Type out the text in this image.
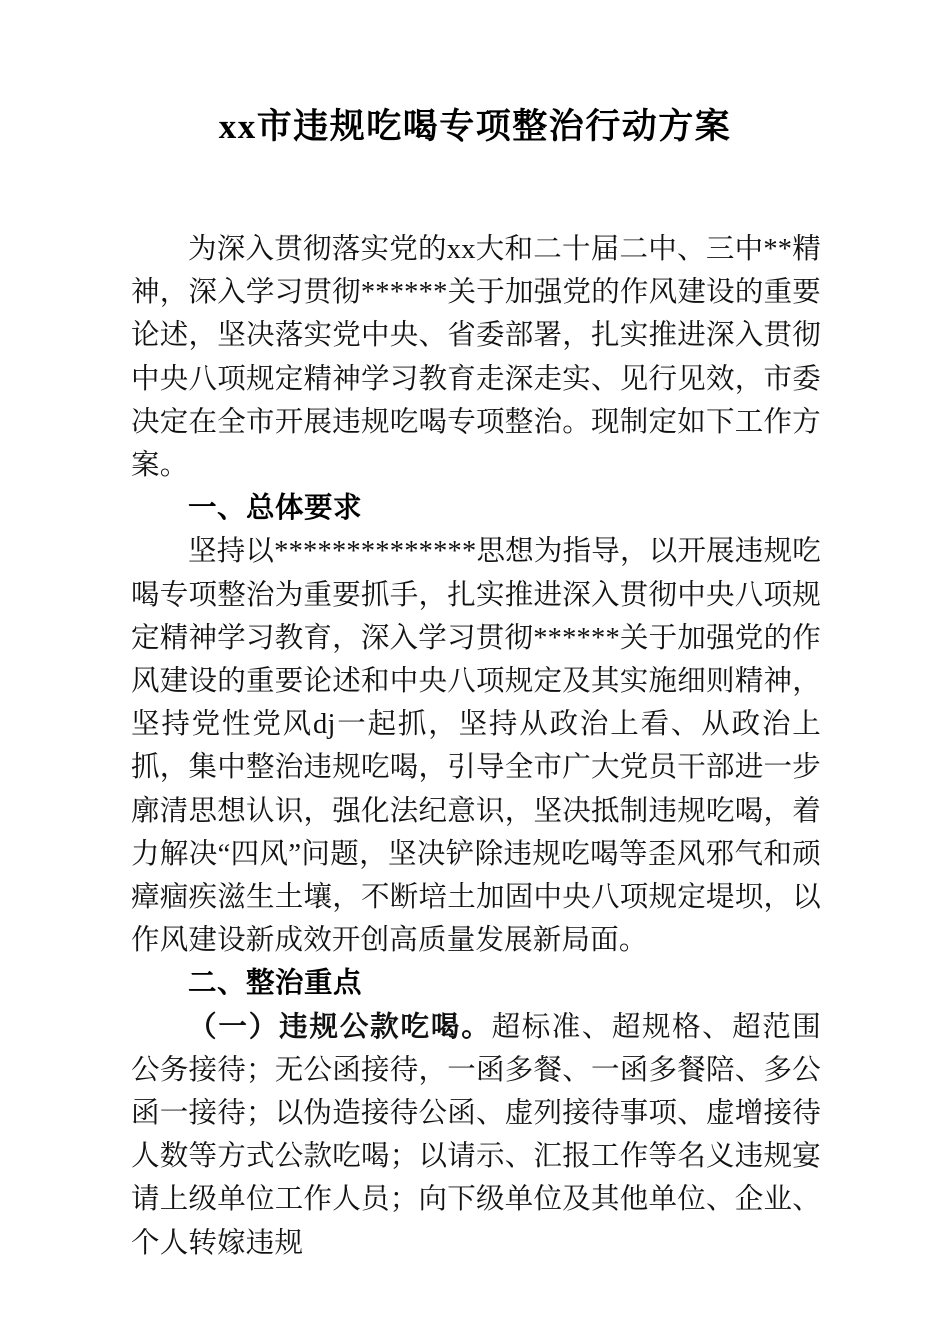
xx市违规吃喝专项整治行动方案

为深入贯彻落实党的xx大和二十届二中、三中**精神，深入学习贯彻******关于加强党的作风建设的重要论述，坚决落实党中央、省委部署，扎实推进深入贯彻中央八项规定精神学习教育走深走实、见行见效，市委决定在全市开展违规吃喝专项整治。现制定如下工作方案。

一、总体要求

坚持以**************思想为指导，以开展违规吃喝专项整治为重要抓手，扎实推进深入贯彻中央八项规定精神学习教育，深入学习贯彻******关于加强党的作风建设的重要论述和中央八项规定及其实施细则精神，坚持党性党风dj一起抓，坚持从政治上看、从政治上抓，集中整治违规吃喝，引导全市广大党员干部进一步廓清思想认识，强化法纪意识，坚决抵制违规吃喝，着力解决“四风”问题，坚决铲除违规吃喝等歪风邪气和顽瘴痼疾滋生土壤，不断培土加固中央八项规定堤坝，以作风建设新成效开创高质量发展新局面。

二、整治重点

（一）违规公款吃喝。超标准、超规格、超范围公务接待；无公函接待，一函多餐、一函多餐陪、多公函一接待；以伪造接待公函、虚列接待事项、虚增接待人数等方式公款吃喝；以请示、汇报工作等名义违规宴请上级单位工作人员；向下级单位及其他单位、企业、个人转嫁违规
